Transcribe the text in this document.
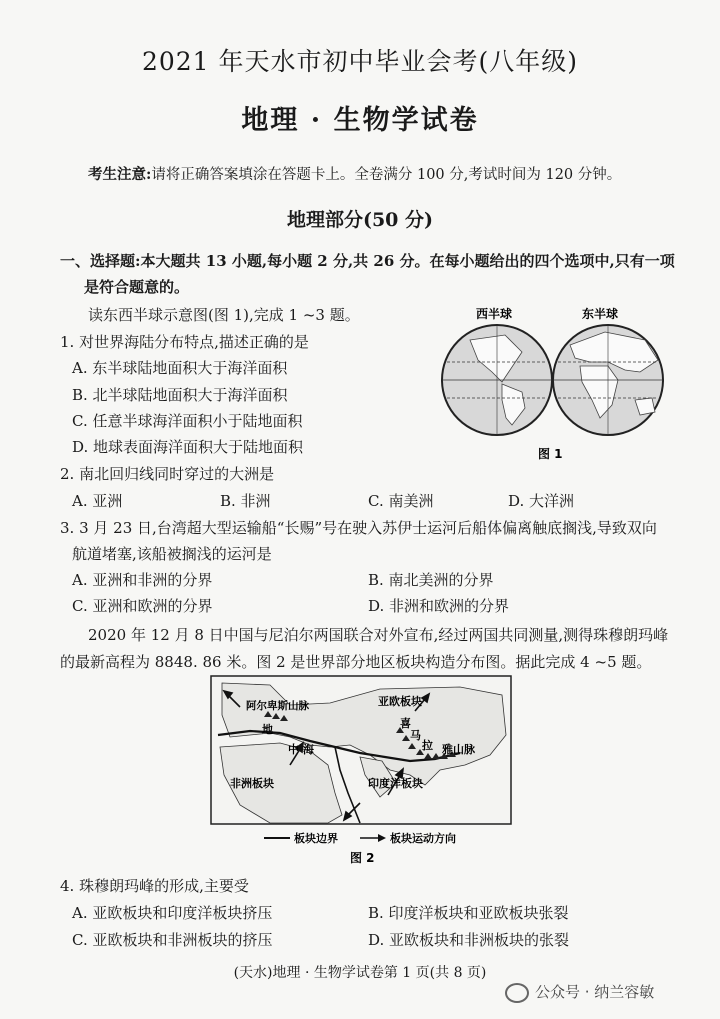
2021 年天水市初中毕业会考(八年级)
地理 · 生物学试卷
考生注意:请将正确答案填涂在答题卡上。全卷满分 100 分,考试时间为 120 分钟。
地理部分(50 分)
一、选择题:本大题共 13 小题,每小题 2 分,共 26 分。在每小题给出的四个选项中,只有一项
是符合题意的。
读东西半球示意图(图 1),完成 1 ~3 题。
1. 对世界海陆分布特点,描述正确的是
A. 东半球陆地面积大于海洋面积
B. 北半球陆地面积大于海洋面积
C. 任意半球海洋面积小于陆地面积
D. 地球表面海洋面积大于陆地面积
西半球	东半球
图 1
2. 南北回归线同时穿过的大洲是
A. 亚洲	B. 非洲	C. 南美洲	D. 大洋洲
3. 3 月 23 日,台湾超大型运输船“长赐”号在驶入苏伊士运河后船体偏离触底搁浅,导致双向
航道堵塞,该船被搁浅的运河是
A. 亚洲和非洲的分界	B. 南北美洲的分界
C. 亚洲和欧洲的分界	D. 非洲和欧洲的分界
2020 年 12 月 8 日中国与尼泊尔两国联合对外宣布,经过两国共同测量,测得珠穆朗玛峰
的最新高程为 8848. 86 米。图 2 是世界部分地区板块构造分布图。据此完成 4 ~5 题。
阿尔卑斯山脉	亚欧板块
地
中 海
喜
马
拉 雅山脉
非洲板块	印度洋板块
板块边界	板块运动方向
图 2
4. 珠穆朗玛峰的形成,主要受
A. 亚欧板块和印度洋板块挤压	B. 印度洋板块和亚欧板块张裂
C. 亚欧板块和非洲板块的挤压	D. 亚欧板块和非洲板块的张裂
(天水)地理 · 生物学试卷第 1 页(共 8 页)
公众号 · 纳兰容敏
